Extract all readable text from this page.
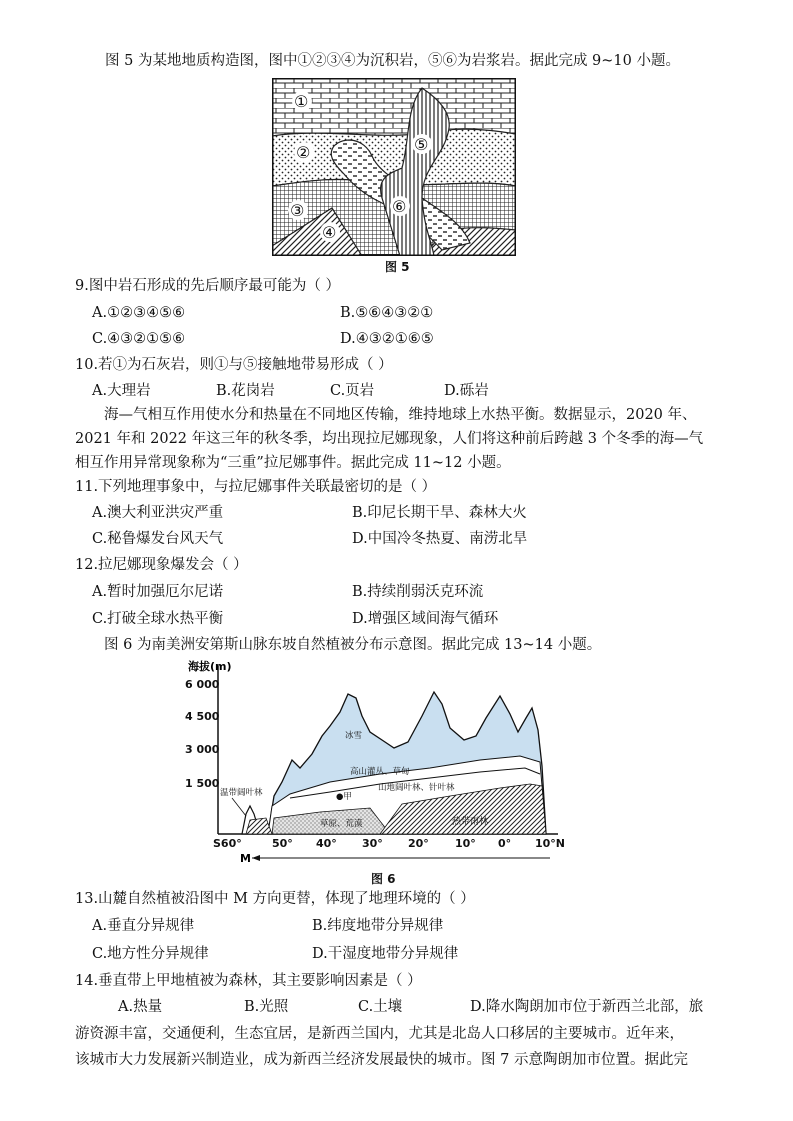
图 5 为某地地质构造图，图中①②③④为沉积岩，⑤⑥为岩浆岩。据此完成 9~10 小题。
①
②
③
④
⑤
⑥
图 5
9.图中岩石形成的先后顺序最可能为（ ）
A.①②③④⑤⑥	B.⑤⑥④③②①
C.④③②①⑤⑥	D.④③②①⑥⑤
10.若①为石灰岩，则①与⑤接触地带易形成（ ）
A.大理岩	B.花岗岩	C.页岩	D.砾岩
海—气相互作用使水分和热量在不同地区传输，维持地球上水热平衡。数据显示，2020 年、
2021 年和 2022 年这三年的秋冬季，均出现拉尼娜现象，人们将这种前后跨越 3 个冬季的海—气
相互作用异常现象称为“三重”拉尼娜事件。据此完成 11~12 小题。
11.下列地理事象中，与拉尼娜事件关联最密切的是（ ）
A.澳大利亚洪灾严重	B.印尼长期干旱、森林大火
C.秘鲁爆发台风天气	D.中国冷冬热夏、南涝北旱
12.拉尼娜现象爆发会（ ）
A.暂时加强厄尔尼诺	B.持续削弱沃克环流
C.打破全球水热平衡	D.增强区域间海气循环
图 6 为南美洲安第斯山脉东坡自然植被分布示意图。据此完成 13~14 小题。
海拔(m)
6 000
4 500
3 000
1 500
冰雪
高山灌丛、草甸
山地阔叶林、针叶林
●甲
温带阔叶林
草原、荒漠	热带雨林
S60°	50° 40° 30° 20° 10° 0° 10°N
M
图 6
13.山麓自然植被沿图中 M 方向更替，体现了地理环境的（ ）
A.垂直分异规律	B.纬度地带分异规律
C.地方性分异规律	D.干湿度地带分异规律
14.垂直带上甲地植被为森林，其主要影响因素是（ ）
A.热量	B.光照	C.土壤	D.降水陶朗加市位于新西兰北部，旅
游资源丰富，交通便利，生态宜居，是新西兰国内，尤其是北岛人口移居的主要城市。近年来，
该城市大力发展新兴制造业，成为新西兰经济发展最快的城市。图 7 示意陶朗加市位置。据此完
